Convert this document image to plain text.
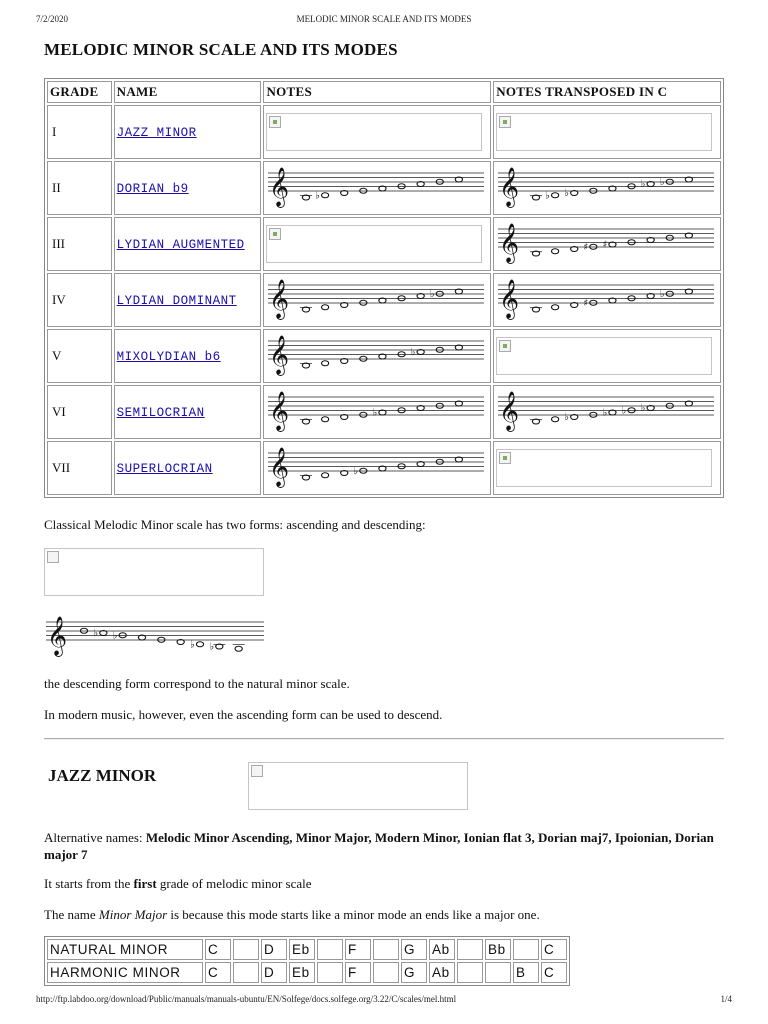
7/2/2020	MELODIC MINOR SCALE AND ITS MODES
MELODIC MINOR SCALE AND ITS MODES
GRADE	NAME	NOTES	NOTES TRANSPOSED IN C
I	JAZZ MINOR	

II	DORIAN b9	𝄞 ♭	𝄞 ♭ ♭
♭ ♭

III	LYDIAN AUGMENTED		𝄞 ♯ ♯

IV	LYDIAN DOMINANT	𝄞 ♭	𝄞 ♯
♭

V	MIXOLYDIAN b6	𝄞 ♭	

VI	SEMILOCRIAN	𝄞 ♭	𝄞 ♭ ♭ ♭ ♭

VII	SUPERLOCRIAN	𝄞 ♭	

Classical Melodic Minor scale has two forms: ascending and descending:

𝄞	♭ ♭
♭ ♭

the descending form correspond to the natural minor scale.

In modern music, however, even the ascending form can be used to descend.

JAZZ MINOR

Alternative names: Melodic Minor Ascending, Minor Major, Modern Minor, Ionian flat 3, Dorian maj7, Ipoionian, Dorian major 7

It starts from the first grade of melodic minor scale

The name Minor Major is because this mode starts like a minor mode an ends like a major one.

NATURAL MINOR	C		D	Eb		F		G	Ab		Bb		C
HARMONIC MINOR	C		D	Eb		F		G	Ab			B	C
http://ftp.labdoo.org/download/Public/manuals/manuals-ubuntu/EN/Solfege/docs.solfege.org/3.22/C/scales/mel.html	1/4
